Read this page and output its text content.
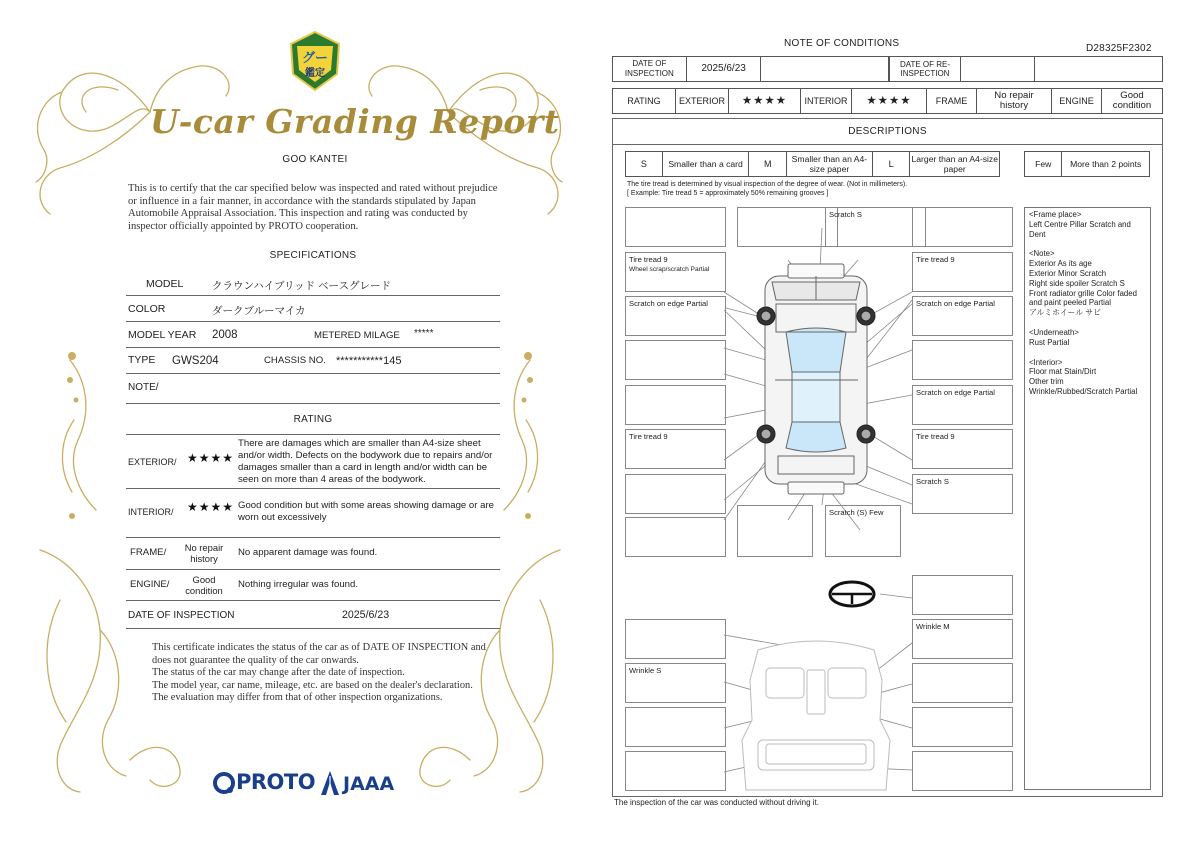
グー
鑑定
U-car Grading Report
GOO KANTEI
This is to certify that the car specified below was inspected and rated without prejudice or influence in a fair manner, in accordance with the standards stipulated by Japan Automobile Appraisal Association. This inspection and rating was conducted by inspector officially appointed by PROTO cooperation.
SPECIFICATIONS
MODEL	クラウンハイブリッド ベースグレード
COLOR	ダークブルーマイカ
MODEL YEAR 2008	METERED MILAGE *****
TYPE GWS204	CHASSIS NO. ***********145
NOTE/
RATING
EXTERIOR/ ★★★★
There are damages which are smaller than A4-size sheet and/or width. Defects on the bodywork due to repairs and/or damages smaller than a card in length and/or width can be seen on more than 4 areas of the bodywork.
INTERIOR/ ★★★★ Good condition but with some areas showing damage or are worn out excessively
FRAME/	No repair history
No apparent damage was found.
ENGINE/	Good condition
Nothing irregular was found.
DATE OF INSPECTION	2025/6/23
This certificate indicates the status of the car as of DATE OF INSPECTION and does not guarantee the quality of the car onwards.
The status of the car may change after the date of inspection.
The model year, car name, mileage, etc. are based on the dealer's declaration.
The evaluation may differ from that of other inspection organizations.
PROTO JAAA
NOTE OF CONDITIONS	D28325F2302
DATE OF INSPECTION	2025/6/23	DATE OF RE-INSPECTION
RATING	EXTERIOR	★★★★	INTERIOR	★★★★	FRAME	No repair history	ENGINE	Good condition
DESCRIPTIONS
S	Smaller than a card	M	Smaller than an A4-size paper	L	Larger than an A4-size paper	Few	More than 2 points
The tire tread is determined by visual inspection of the degree of wear. (Not in millimeters).
[ Example: Tire tread 5 = approximately 50% remaining grooves ]
Scratch S
Tire tread 9
Wheel scrap/scratch Partial
Tire tread 9
Scratch on edge Partial	Scratch on edge Partial
Scratch on edge Partial
Tire tread 9	Tire tread 9
Scratch S
Scratch (S) Few
Wrinkle M
Wrinkle S
<Frame place>
Left Centre Pillar Scratch and Dent
<Note>
Exterior As its age
Exterior Minor Scratch
Right side spoiler Scratch S
Front radiator grille Color faded and paint peeled Partial
アルミホイール サビ
<Underneath>
Rust Partial
<Interior>
Floor mat Stain/Dirt
Other trim
Wrinkle/Rubbed/Scratch Partial
The inspection of the car was conducted without driving it.
